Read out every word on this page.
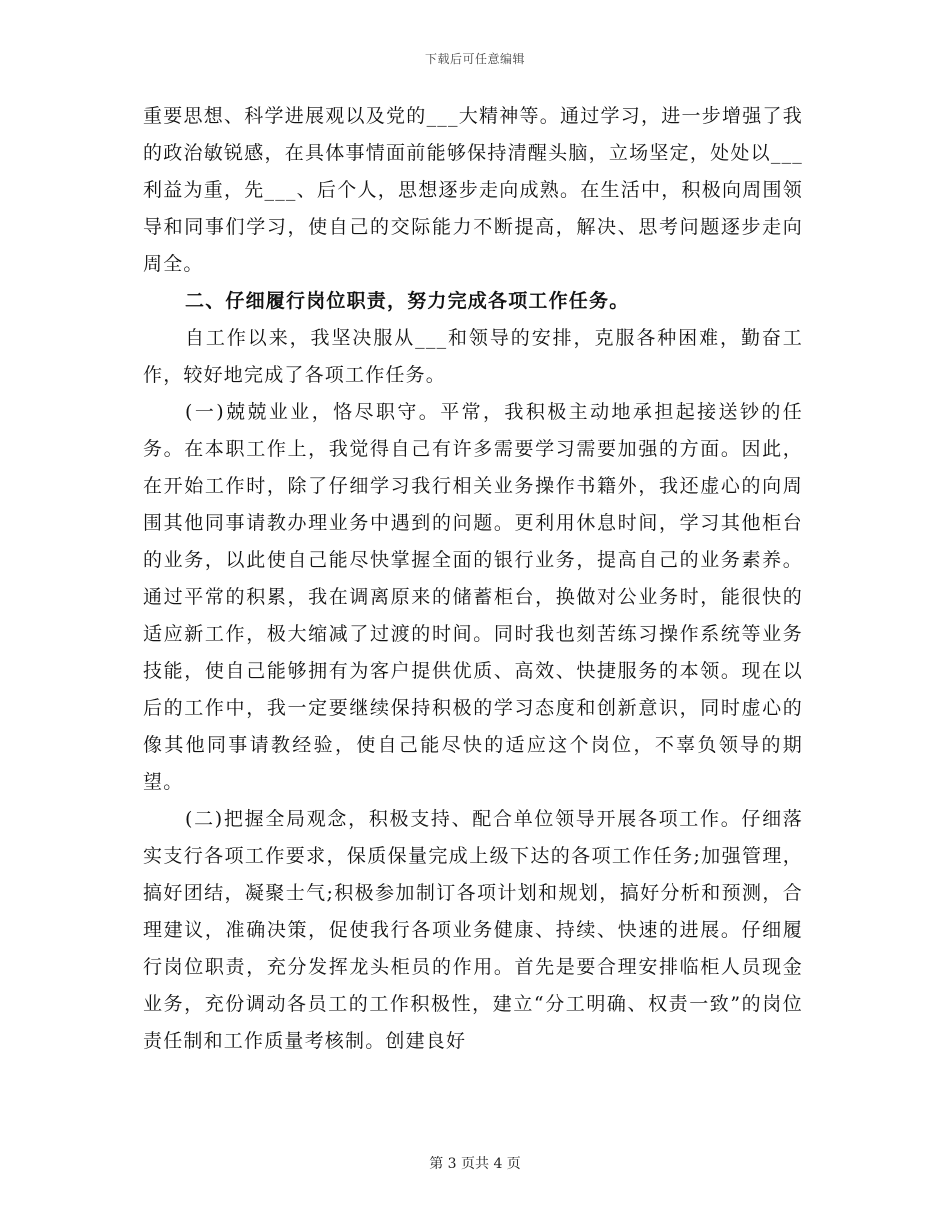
下载后可任意编辑

重要思想、科学进展观以及党的___大精神等。通过学习，进一步增强了我的政治敏锐感，在具体事情面前能够保持清醒头脑，立场坚定，处处以___利益为重，先___、后个人，思想逐步走向成熟。在生活中，积极向周围领导和同事们学习，使自己的交际能力不断提高，解决、思考问题逐步走向周全。

二、仔细履行岗位职责，努力完成各项工作任务。

自工作以来，我坚决服从___和领导的安排，克服各种困难，勤奋工作，较好地完成了各项工作任务。

(一)兢兢业业，恪尽职守。平常，我积极主动地承担起接送钞的任务。在本职工作上，我觉得自己有许多需要学习需要加强的方面。因此，在开始工作时，除了仔细学习我行相关业务操作书籍外，我还虚心的向周围其他同事请教办理业务中遇到的问题。更利用休息时间，学习其他柜台的业务，以此使自己能尽快掌握全面的银行业务，提高自己的业务素养。通过平常的积累，我在调离原来的储蓄柜台，换做对公业务时，能很快的适应新工作，极大缩减了过渡的时间。同时我也刻苦练习操作系统等业务技能，使自己能够拥有为客户提供优质、高效、快捷服务的本领。现在以后的工作中，我一定要继续保持积极的学习态度和创新意识，同时虚心的像其他同事请教经验，使自己能尽快的适应这个岗位，不辜负领导的期望。

(二)把握全局观念，积极支持、配合单位领导开展各项工作。仔细落实支行各项工作要求，保质保量完成上级下达的各项工作任务;加强管理，搞好团结，凝聚士气;积极参加制订各项计划和规划，搞好分析和预测，合理建议，准确决策，促使我行各项业务健康、持续、快速的进展。仔细履行岗位职责，充分发挥龙头柜员的作用。首先是要合理安排临柜人员现金业务，充份调动各员工的工作积极性，建立“分工明确、权责一致”的岗位责任制和工作质量考核制。创建良好

第 3 页共 4 页
